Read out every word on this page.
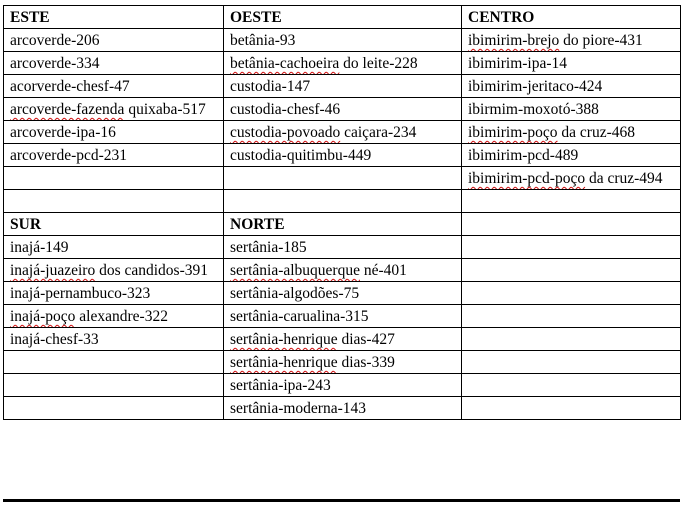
ESTE	OESTE	CENTRO
arcoverde-206	betânia-93	ibimirim-brejo do piore-431
arcoverde-334	betânia-cachoeira do leite-228	ibimirim-ipa-14
acorverde-chesf-47	custodia-147	ibimirim-jeritaco-424
arcoverde-fazenda quixaba-517	custodia-chesf-46	ibirmim-moxotó-388
arcoverde-ipa-16	custodia-povoado caiçara-234	ibimirim-poço da cruz-468
arcoverde-pcd-231	custodia-quitimbu-449	ibimirim-pcd-489
		ibimirim-pcd-poço da cruz-494

SUR	NORTE	
inajá-149	sertânia-185	
inajá-juazeiro dos candidos-391	sertânia-albuquerque né-401	
inajá-pernambuco-323	sertânia-algodões-75	
inajá-poço alexandre-322	sertânia-carualina-315	
inajá-chesf-33	sertânia-henrique dias-427	
	sertânia-henrique dias-339	
	sertânia-ipa-243	
	sertânia-moderna-143	
